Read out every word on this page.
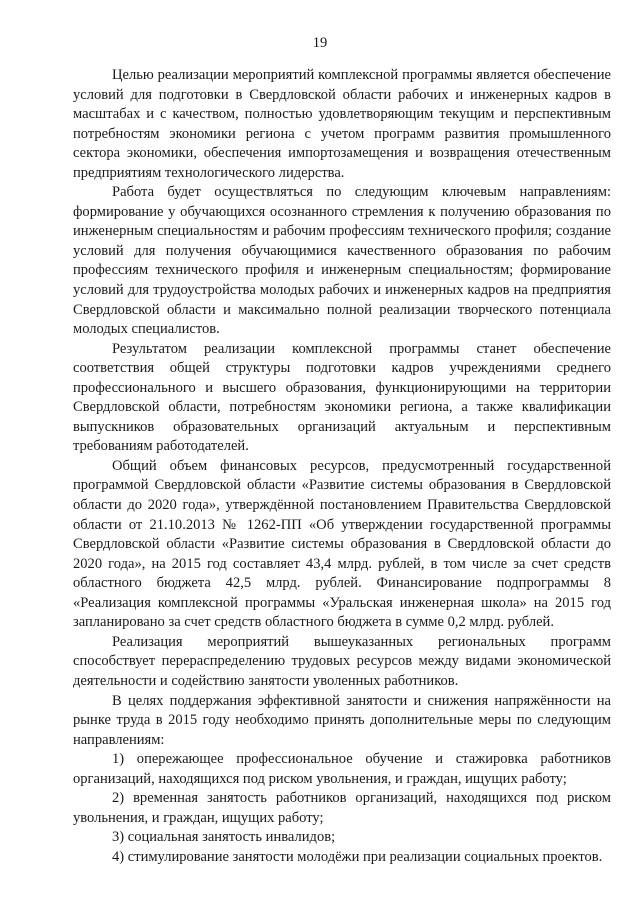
19

Целью реализации мероприятий комплексной программы является обеспечение условий для подготовки в Свердловской области рабочих и инженерных кадров в масштабах и с качеством, полностью удовлетворяющим текущим и перспективным потребностям экономики региона с учетом программ развития промышленного сектора экономики, обеспечения импортозамещения и возвращения отечественным предприятиям технологического лидерства.

Работа будет осуществляться по следующим ключевым направлениям: формирование у обучающихся осознанного стремления к получению образования по инженерным специальностям и рабочим профессиям технического профиля; создание условий для получения обучающимися качественного образования по рабочим профессиям технического профиля и инженерным специальностям; формирование условий для трудоустройства молодых рабочих и инженерных кадров на предприятия Свердловской области и максимально полной реализации творческого потенциала молодых специалистов.

Результатом реализации комплексной программы станет обеспечение соответствия общей структуры подготовки кадров учреждениями среднего профессионального и высшего образования, функционирующими на территории Свердловской области, потребностям экономики региона, а также квалификации выпускников образовательных организаций актуальным и перспективным требованиям работодателей.

Общий объем финансовых ресурсов, предусмотренный государственной программой Свердловской области «Развитие системы образования в Свердловской области до 2020 года», утверждённой постановлением Правительства Свердловской области от 21.10.2013 № 1262-ПП «Об утверждении государственной программы Свердловской области «Развитие системы образования в Свердловской области до 2020 года», на 2015 год составляет 43,4 млрд. рублей, в том числе за счет средств областного бюджета 42,5 млрд. рублей. Финансирование подпрограммы 8 «Реализация комплексной программы «Уральская инженерная школа» на 2015 год запланировано за счет средств областного бюджета в сумме 0,2 млрд. рублей.

Реализация мероприятий вышеуказанных региональных программ способствует перераспределению трудовых ресурсов между видами экономической деятельности и содействию занятости уволенных работников.

В целях поддержания эффективной занятости и снижения напряжённости на рынке труда в 2015 году необходимо принять дополнительные меры по следующим направлениям:

1) опережающее профессиональное обучение и стажировка работников организаций, находящихся под риском увольнения, и граждан, ищущих работу;

2) временная занятость работников организаций, находящихся под риском увольнения, и граждан, ищущих работу;

3) социальная занятость инвалидов;

4) стимулирование занятости молодёжи при реализации социальных проектов.
